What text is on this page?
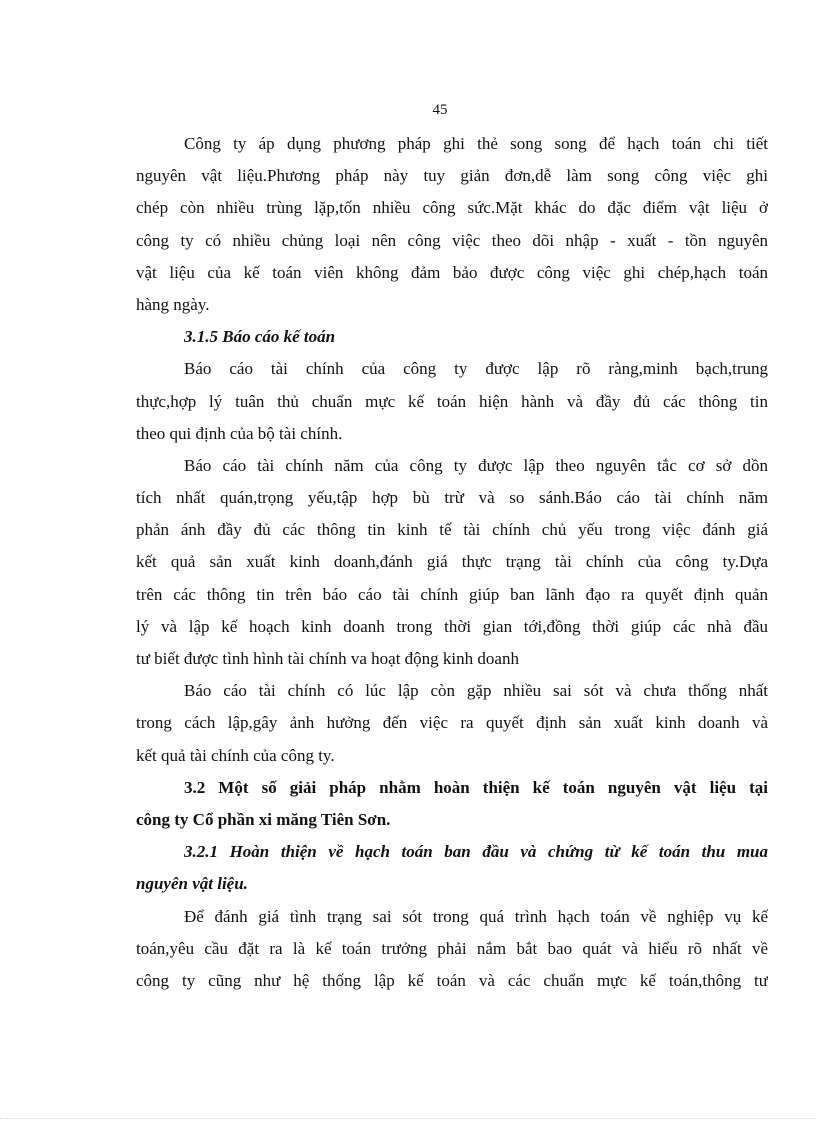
45
Công ty áp dụng phương pháp ghi thẻ song song để hạch toán chi tiết
nguyên vật liệu.Phương pháp này tuy giản đơn,dễ làm song công việc ghi
chép còn nhiều trùng lặp,tốn nhiều công sức.Mặt khác do đặc điểm vật liệu ở
công ty có nhiều chủng loại nên công việc theo dõi nhập - xuất - tồn nguyên
vật liệu của kế toán viên không đảm bảo được công việc ghi chép,hạch toán
hàng ngày.
3.1.5 Báo cáo kế toán
Báo cáo tài chính của công ty được lập rõ ràng,minh bạch,trung
thực,hợp lý tuân thủ chuẩn mực kế toán hiện hành và đầy đủ các thông tin
theo qui định của bộ tài chính.
Báo cáo tài chính năm của công ty được lập theo nguyên tắc cơ sở dồn
tích nhất quán,trọng yếu,tập hợp bù trừ và so sánh.Báo cáo tài chính năm
phản ánh đầy đủ các thông tin kinh tế tài chính chủ yếu trong việc đánh giá
kết quả sản xuất kinh doanh,đánh giá thực trạng tài chính của công ty.Dựa
trên các thông tin trên báo cáo tài chính giúp ban lãnh đạo ra quyết định quản
lý và lập kế hoạch kinh doanh trong thời gian tới,đồng thời giúp các nhà đầu
tư biết được tình hình tài chính va hoạt động kinh doanh
Báo cáo tài chính có lúc lập còn gặp nhiều sai sót và chưa thống nhất
trong cách lập,gây ảnh hưởng đến việc ra quyết định sản xuất kinh doanh và
kết quả tài chính của công ty.
3.2 Một số giải pháp nhằm hoàn thiện kế toán nguyên vật liệu tại
công ty Cổ phần xi măng Tiên Sơn.
3.2.1 Hoàn thiện về hạch toán ban đầu và chứng từ kế toán thu mua
nguyên vật liệu.
Để đánh giá tình trạng sai sót trong quá trình hạch toán về nghiệp vụ kế
toán,yêu cầu đặt ra là kế toán trưởng phải nắm bắt bao quát và hiểu rõ nhất về
công ty cũng như hệ thống lập kế toán và các chuẩn mực kế toán,thông tư
